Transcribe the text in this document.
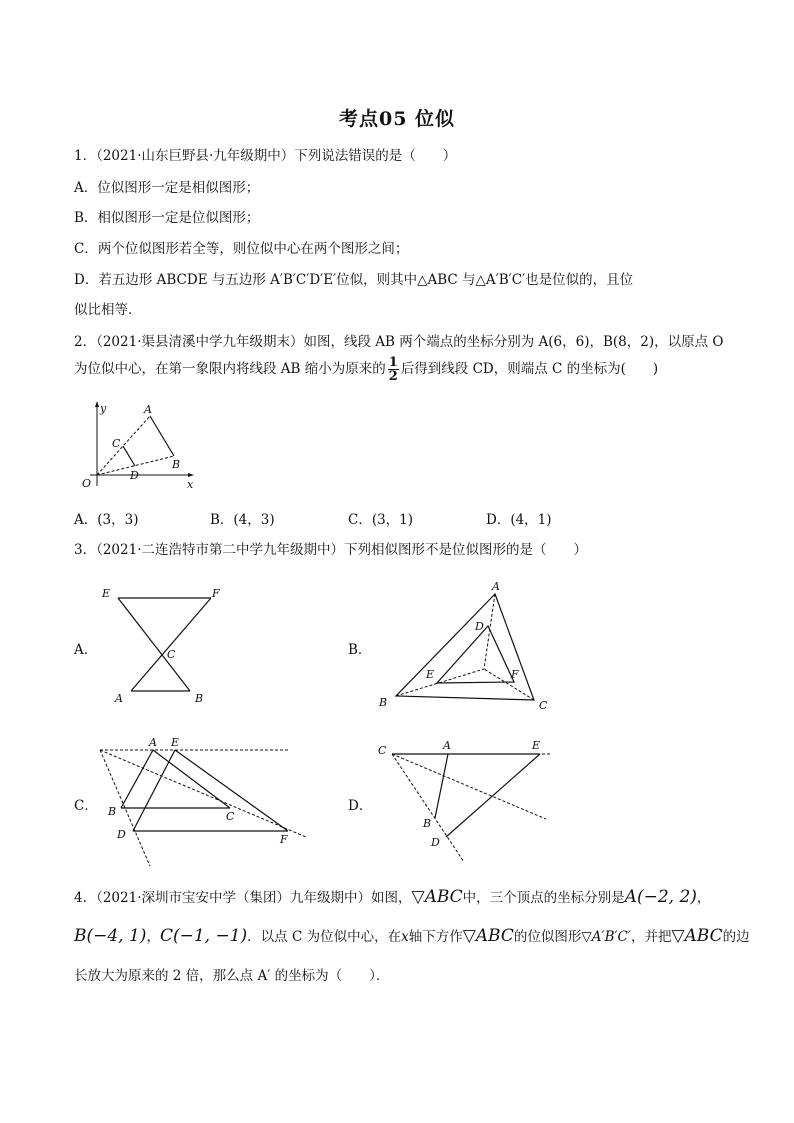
考点05 位似
1．（2021·山东巨野县·九年级期中）下列说法错误的是（　　）
A．位似图形一定是相似图形；
B．相似图形一定是位似图形；
C．两个位似图形若全等，则位似中心在两个图形之间；
D．若五边形 ABCDE 与五边形 A′B′C′D′E′位似，则其中△ABC 与△A′B′C′也是位似的，且位
似比相等．
2．（2021·渠县清溪中学九年级期末）如图，线段 AB 两个端点的坐标分别为 A(6，6)，B(8，2)，以原点 O
为位似中心，在第一象限内将线段 AB 缩小为原来的 $\frac{1}{2}$ 后得到线段 CD，则端点 C 的坐标为(　　)
y
x
O
A
B
C
D
A．(3，3)	B．(4，3)	C．(3，1)	D．(4，1)
3．（2021·二连浩特市第二中学九年级期中）下列相似图形不是位似图形的是（　　）
A．
E	F
C
A	B
B．
A
D
E	F
B	C
C．
A E
B	C
D	F
D．
C	A	E
B
D
4．（2021·深圳市宝安中学（集团）九年级期中）如图，▽ABC中，三个顶点的坐标分别是A(−2, 2)，
B(−4, 1)，C(−1, −1)．以点 C 为位似中心，在x轴下方作▽ABC的位似图形▽A′B′C′，并把▽ABC的边
长放大为原来的 2 倍，那么点 A′ 的坐标为（　　）．
